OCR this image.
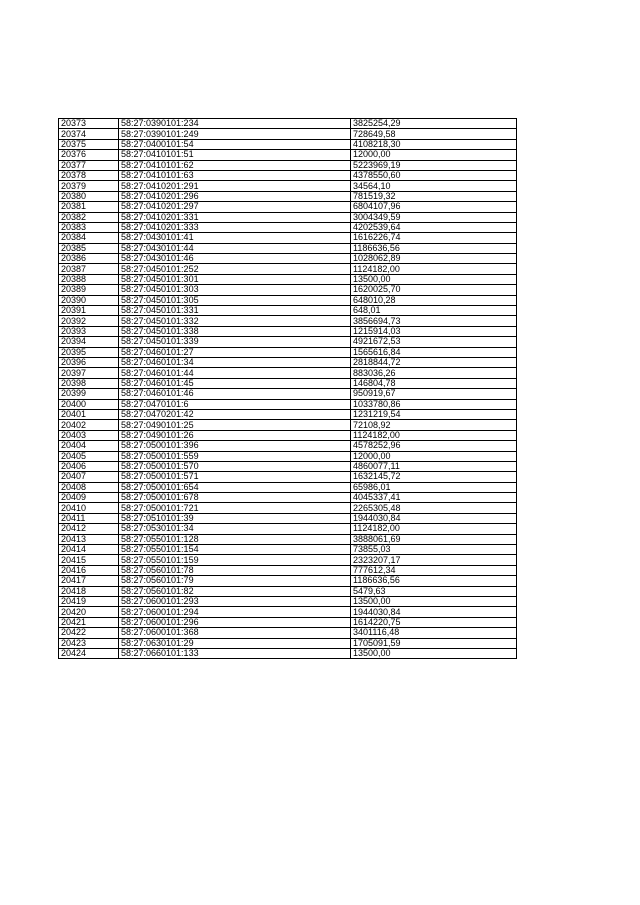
20373	58:27:0390101:234	3825254,29
20374	58:27:0390101:249	728649,58
20375	58:27:0400101:54	4108218,30
20376	58:27:0410101:51	12000,00
20377	58:27:0410101:62	5223969,19
20378	58:27:0410101:63	4378550,60
20379	58:27:0410201:291	34564,10
20380	58:27:0410201:296	781519,32
20381	58:27:0410201:297	6804107,96
20382	58:27:0410201:331	3004349,59
20383	58:27:0410201:333	4202539,64
20384	58:27:0430101:41	1616226,74
20385	58:27:0430101:44	1186636,56
20386	58:27:0430101:46	1028062,89
20387	58:27:0450101:252	1124182,00
20388	58:27:0450101:301	13500,00
20389	58:27:0450101:303	1620025,70
20390	58:27:0450101:305	648010,28
20391	58:27:0450101:331	648,01
20392	58:27:0450101:332	3856694,73
20393	58:27:0450101:338	1215914,03
20394	58:27:0450101:339	4921672,53
20395	58:27:0460101:27	1565616,84
20396	58:27:0460101:34	2818844,72
20397	58:27:0460101:44	883036,26
20398	58:27:0460101:45	146804,78
20399	58:27:0460101:46	950919,67
20400	58:27:0470101:6	1033780,86
20401	58:27:0470201:42	1231219,54
20402	58:27:0490101:25	72108,92
20403	58:27:0490101:26	1124182,00
20404	58:27:0500101:396	4578252,96
20405	58:27:0500101:559	12000,00
20406	58:27:0500101:570	4860077,11
20407	58:27:0500101:571	1632145,72
20408	58:27:0500101:654	65986,01
20409	58:27:0500101:678	4045337,41
20410	58:27:0500101:721	2265305,48
20411	58:27:0510101:39	1944030,84
20412	58:27:0530101:34	1124182,00
20413	58:27:0550101:128	3888061,69
20414	58:27:0550101:154	73855,03
20415	58:27:0550101:159	2323207,17
20416	58:27:0560101:78	777612,34
20417	58:27:0560101:79	1186636,56
20418	58:27:0560101:82	5479,63
20419	58:27:0600101:293	13500,00
20420	58:27:0600101:294	1944030,84
20421	58:27:0600101:296	1614220,75
20422	58:27:0600101:368	3401116,48
20423	58:27:0630101:29	1705091,59
20424	58:27:0660101:133	13500,00
